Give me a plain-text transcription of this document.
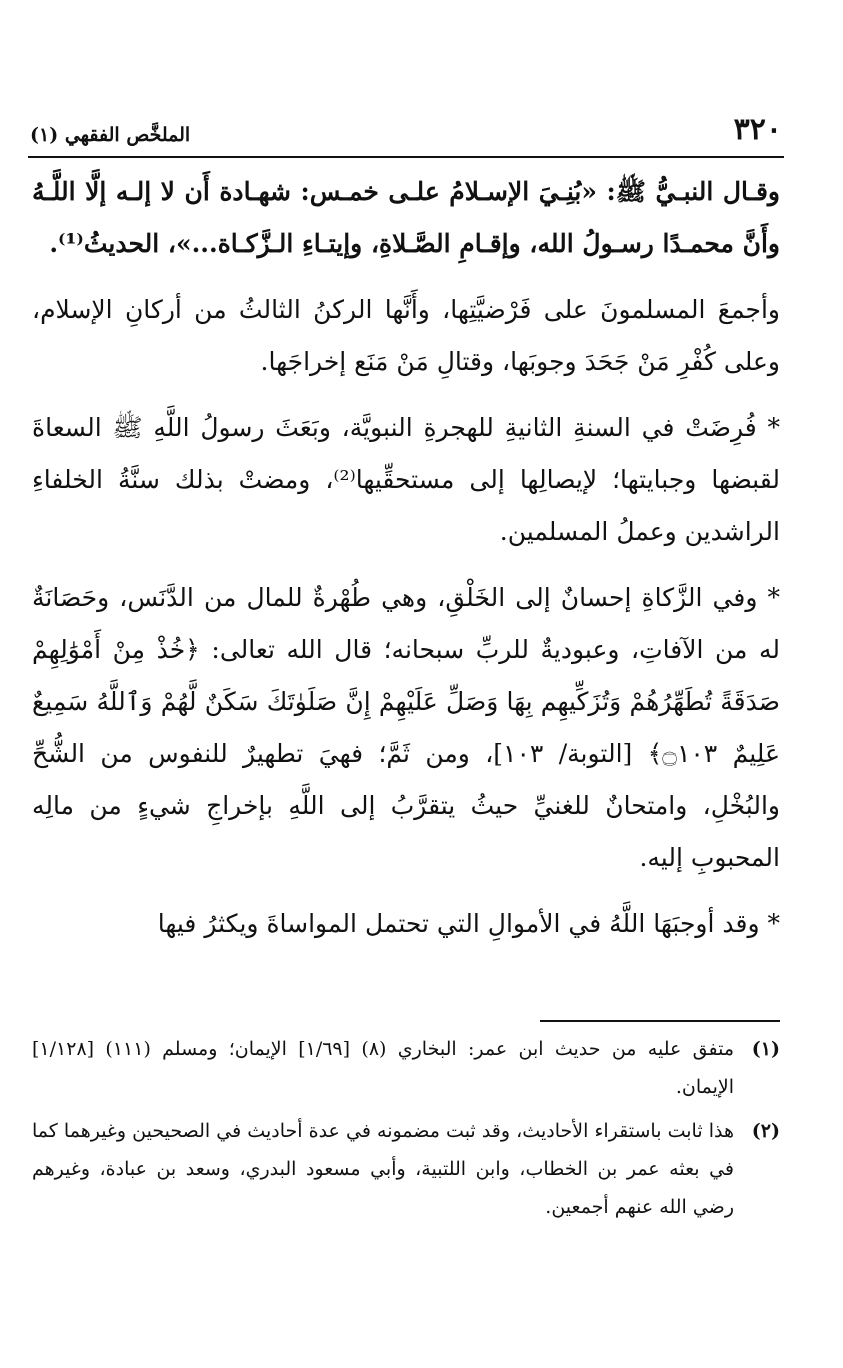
٣٢٠
الملخَّص الفقهي (١)

وقـال النبـيُّ ﷺ: «بُنِـيَ الإسـلامُ علـى خمـس: شهـادة أَن لا إلـه إلَّا اللَّـهُ وأَنَّ محمـدًا رسـولُ الله، وإقـامِ الصَّـلاةِ، وإيتـاءِ الـزَّكـاة...»، الحديثُ⁽¹⁾.

وأجمعَ المسلمونَ على فَرْضيَّتِها، وأَنَّها الركنُ الثالثُ من أركانِ الإسلام، وعلى كُفْرِ مَنْ جَحَدَ وجوبَها، وقتالِ مَنْ مَنَع إخراجَها.

* فُرِضَتْ في السنةِ الثانيةِ للهجرةِ النبويَّة، وبَعَثَ رسولُ اللَّهِ ﷺ السعاةَ لقبضها وجبايتها؛ لإيصالِها إلى مستحقِّيها⁽²⁾، ومضتْ بذلك سنَّةُ الخلفاءِ الراشدين وعملُ المسلمين.

* وفي الزَّكاةِ إحسانٌ إلى الخَلْقِ، وهي طُهْرةٌ للمال من الدَّنَس، وحَصَانَةٌ له من الآفاتِ، وعبوديةٌ للربِّ سبحانه؛ قال الله تعالى: ﴿خُذْ مِنْ أَمْوَٰلِهِمْ صَدَقَةً تُطَهِّرُهُمْ وَتُزَكِّيهِم بِهَا وَصَلِّ عَلَيْهِمْ إِنَّ صَلَوٰتَكَ سَكَنٌ لَّهُمْ وَٱللَّهُ سَمِيعٌ عَلِيمٌ ۝١٠٣﴾ [التوبة/ ١٠٣]، ومن ثَمَّ؛ فهيَ تطهيرٌ للنفوس من الشُّحِّ والبُخْلِ، وامتحانٌ للغنيِّ حيثُ يتقرَّبُ إلى اللَّهِ بإخراجِ شيءٍ من مالِه المحبوبِ إليه.

* وقد أوجبَهَا اللَّهُ في الأموالِ التي تحتمل المواساةَ ويكثرُ فيها

(١)
متفق عليه من حديث ابن عمر: البخاري (٨) [١/٦٩] الإيمان؛ ومسلم (١١١) [١/١٢٨] الإيمان.
(٢)
هذا ثابت باستقراء الأحاديث، وقد ثبت مضمونه في عدة أحاديث في الصحيحين وغيرهما كما في بعثه عمر بن الخطاب، وابن اللتبية، وأبي مسعود البدري، وسعد بن عبادة، وغيرهم رضي الله عنهم أجمعين.
